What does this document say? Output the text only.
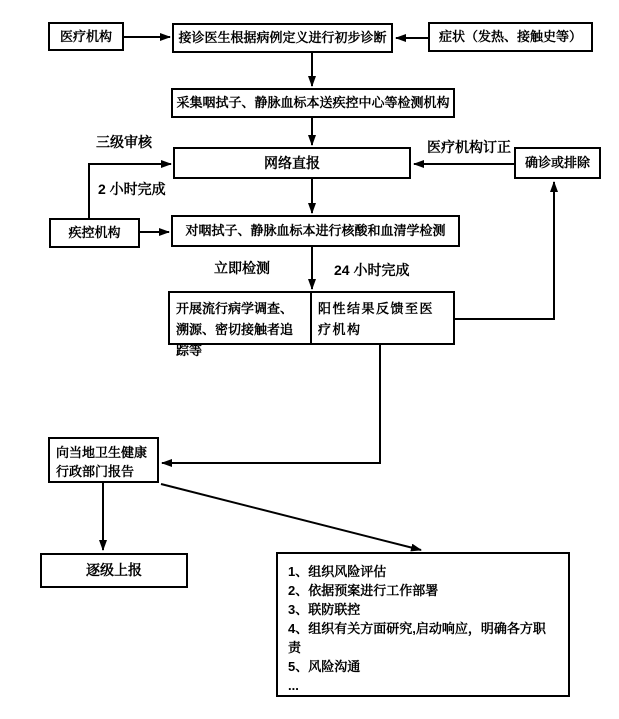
医疗机构	接诊医生根据病例定义进行初步诊断	症状（发热、接触史等）
采集咽拭子、静脉血标本送疾控中心等检测机构
网络直报	确诊或排除
疾控机构	对咽拭子、静脉血标本进行核酸和血清学检测
开展流行病学调查、溯源、密切接触者追踪等
阳性结果反馈至医疗机构
向当地卫生健康行政部门报告
逐级上报	1、组织风险评估
2、依据预案进行工作部署
3、联防联控
4、组织有关方面研究,启动响应，明确各方职责
5、风险沟通
...
三级审核
2 小时完成
医疗机构订正
立即检测	24 小时完成
